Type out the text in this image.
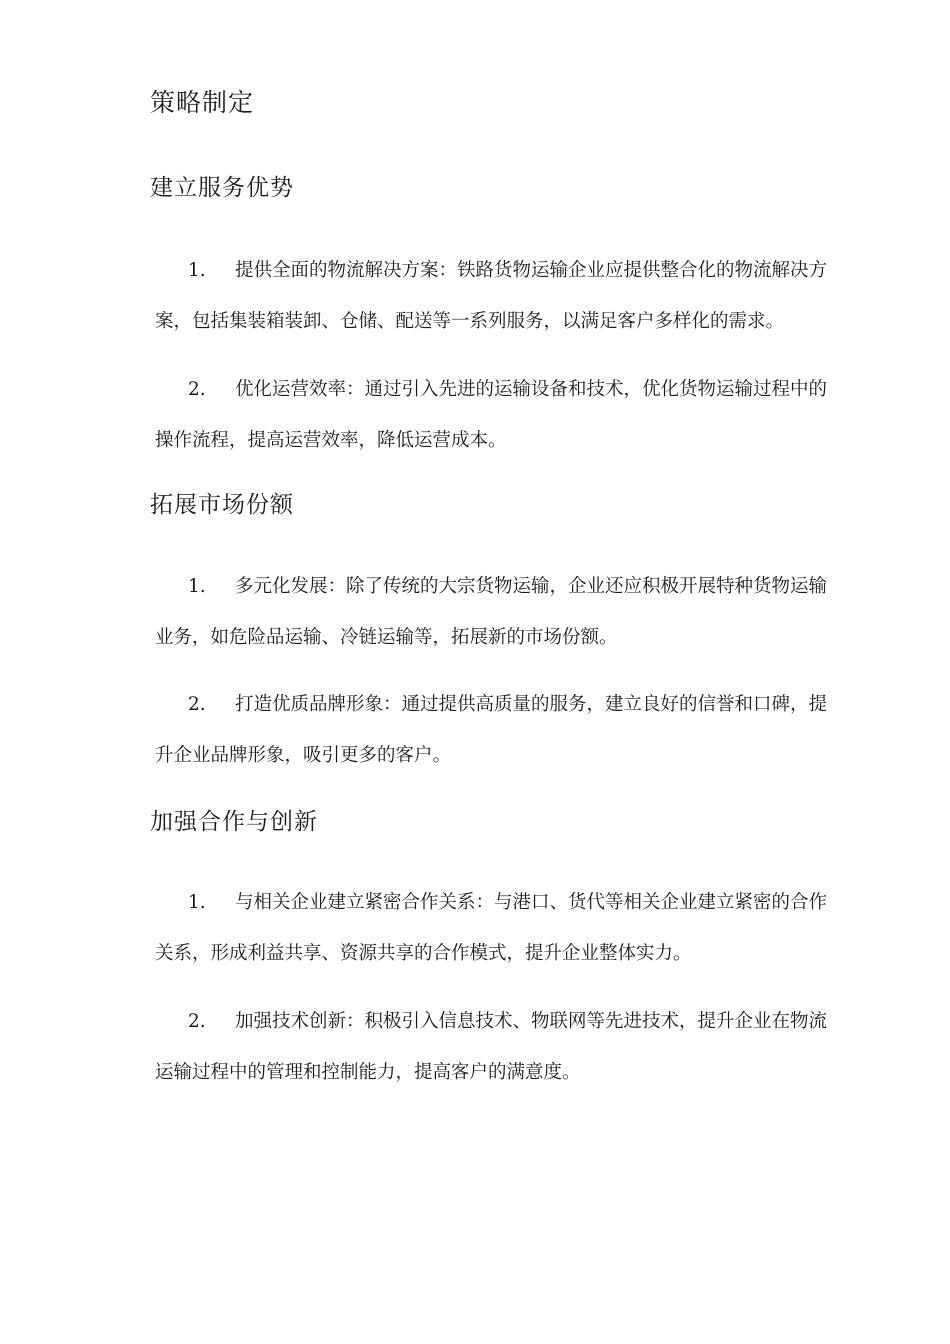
策略制定
建立服务优势

1. 提供全面的物流解决方案：铁路货物运输企业应提供整合化的物流解决方案，包括集装箱装卸、仓储、配送等一系列服务，以满足客户多样化的需求。

2. 优化运营效率：通过引入先进的运输设备和技术，优化货物运输过程中的操作流程，提高运营效率，降低运营成本。

拓展市场份额

1. 多元化发展：除了传统的大宗货物运输，企业还应积极开展特种货物运输业务，如危险品运输、冷链运输等，拓展新的市场份额。

2. 打造优质品牌形象：通过提供高质量的服务，建立良好的信誉和口碑，提升企业品牌形象，吸引更多的客户。

加强合作与创新

1. 与相关企业建立紧密合作关系：与港口、货代等相关企业建立紧密的合作关系，形成利益共享、资源共享的合作模式，提升企业整体实力。

2. 加强技术创新：积极引入信息技术、物联网等先进技术，提升企业在物流运输过程中的管理和控制能力，提高客户的满意度。
